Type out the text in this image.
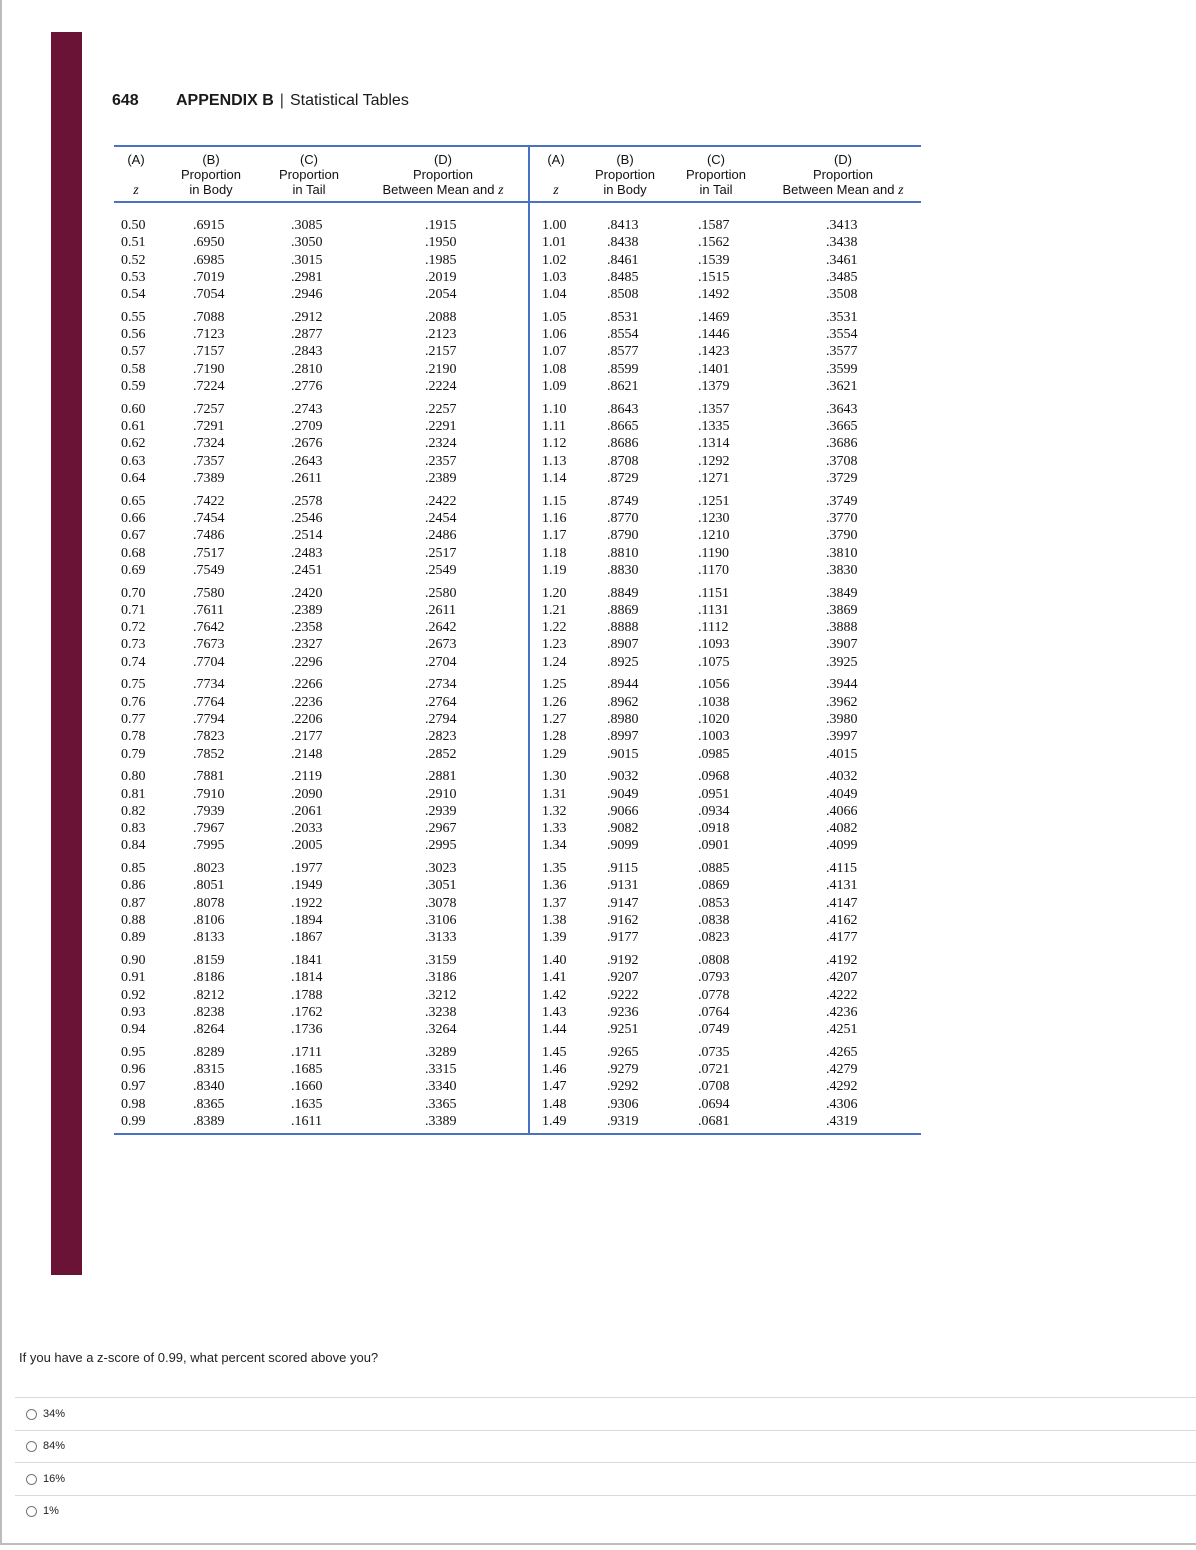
648 APPENDIX B | Statistical Tables
(A)
z
(B)
Proportion
in Body
(C)
Proportion
in Tail
(D)
Proportion
Between Mean and z
(A)
z
(B)
Proportion
in Body
(C)
Proportion
in Tail
(D)
Proportion
Between Mean and z
0.50
0.51
0.52
0.53
0.54
0.55
0.56
0.57
0.58
0.59
0.60
0.61
0.62
0.63
0.64
0.65
0.66
0.67
0.68
0.69
0.70
0.71
0.72
0.73
0.74
0.75
0.76
0.77
0.78
0.79
0.80
0.81
0.82
0.83
0.84
0.85
0.86
0.87
0.88
0.89
0.90
0.91
0.92
0.93
0.94
0.95
0.96
0.97
0.98
0.99
.6915
.6950
.6985
.7019
.7054
.7088
.7123
.7157
.7190
.7224
.7257
.7291
.7324
.7357
.7389
.7422
.7454
.7486
.7517
.7549
.7580
.7611
.7642
.7673
.7704
.7734
.7764
.7794
.7823
.7852
.7881
.7910
.7939
.7967
.7995
.8023
.8051
.8078
.8106
.8133
.8159
.8186
.8212
.8238
.8264
.8289
.8315
.8340
.8365
.8389
.3085
.3050
.3015
.2981
.2946
.2912
.2877
.2843
.2810
.2776
.2743
.2709
.2676
.2643
.2611
.2578
.2546
.2514
.2483
.2451
.2420
.2389
.2358
.2327
.2296
.2266
.2236
.2206
.2177
.2148
.2119
.2090
.2061
.2033
.2005
.1977
.1949
.1922
.1894
.1867
.1841
.1814
.1788
.1762
.1736
.1711
.1685
.1660
.1635
.1611
.1915
.1950
.1985
.2019
.2054
.2088
.2123
.2157
.2190
.2224
.2257
.2291
.2324
.2357
.2389
.2422
.2454
.2486
.2517
.2549
.2580
.2611
.2642
.2673
.2704
.2734
.2764
.2794
.2823
.2852
.2881
.2910
.2939
.2967
.2995
.3023
.3051
.3078
.3106
.3133
.3159
.3186
.3212
.3238
.3264
.3289
.3315
.3340
.3365
.3389
1.00
1.01
1.02
1.03
1.04
1.05
1.06
1.07
1.08
1.09
1.10
1.11
1.12
1.13
1.14
1.15
1.16
1.17
1.18
1.19
1.20
1.21
1.22
1.23
1.24
1.25
1.26
1.27
1.28
1.29
1.30
1.31
1.32
1.33
1.34
1.35
1.36
1.37
1.38
1.39
1.40
1.41
1.42
1.43
1.44
1.45
1.46
1.47
1.48
1.49
.8413
.8438
.8461
.8485
.8508
.8531
.8554
.8577
.8599
.8621
.8643
.8665
.8686
.8708
.8729
.8749
.8770
.8790
.8810
.8830
.8849
.8869
.8888
.8907
.8925
.8944
.8962
.8980
.8997
.9015
.9032
.9049
.9066
.9082
.9099
.9115
.9131
.9147
.9162
.9177
.9192
.9207
.9222
.9236
.9251
.9265
.9279
.9292
.9306
.9319
.1587
.1562
.1539
.1515
.1492
.1469
.1446
.1423
.1401
.1379
.1357
.1335
.1314
.1292
.1271
.1251
.1230
.1210
.1190
.1170
.1151
.1131
.1112
.1093
.1075
.1056
.1038
.1020
.1003
.0985
.0968
.0951
.0934
.0918
.0901
.0885
.0869
.0853
.0838
.0823
.0808
.0793
.0778
.0764
.0749
.0735
.0721
.0708
.0694
.0681
.3413
.3438
.3461
.3485
.3508
.3531
.3554
.3577
.3599
.3621
.3643
.3665
.3686
.3708
.3729
.3749
.3770
.3790
.3810
.3830
.3849
.3869
.3888
.3907
.3925
.3944
.3962
.3980
.3997
.4015
.4032
.4049
.4066
.4082
.4099
.4115
.4131
.4147
.4162
.4177
.4192
.4207
.4222
.4236
.4251
.4265
.4279
.4292
.4306
.4319
If you have a z-score of 0.99, what percent scored above you?
34%
84%
16%
1%
